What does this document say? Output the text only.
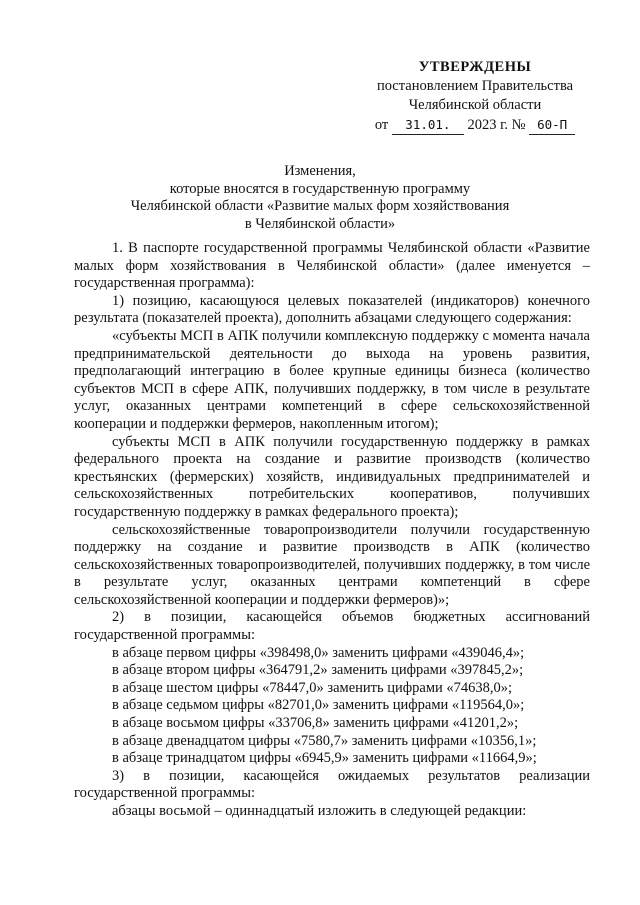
УТВЕРЖДЕНЫ
постановлением Правительства
Челябинской области
от 31.01. 2023 г. № 60-П
Изменения,
которые вносятся в государственную программу
Челябинской области «Развитие малых форм хозяйствования
в Челябинской области»

1. В паспорте государственной программы Челябинской области «Развитие малых форм хозяйствования в Челябинской области» (далее именуется – государственная программа):

1) позицию, касающуюся целевых показателей (индикаторов) конечного результата (показателей проекта), дополнить абзацами следующего содержания:

«субъекты МСП в АПК получили комплексную поддержку с момента начала предпринимательской деятельности до выхода на уровень развития, предполагающий интеграцию в более крупные единицы бизнеса (количество субъектов МСП в сфере АПК, получивших поддержку, в том числе в результате услуг, оказанных центрами компетенций в сфере сельскохозяйственной кооперации и поддержки фермеров, накопленным итогом);

субъекты МСП в АПК получили государственную поддержку в рамках федерального проекта на создание и развитие производств (количество крестьянских (фермерских) хозяйств, индивидуальных предпринимателей и сельскохозяйственных потребительских кооперативов, получивших государственную поддержку в рамках федерального проекта);

сельскохозяйственные товаропроизводители получили государственную поддержку на создание и развитие производств в АПК (количество сельскохозяйственных товаропроизводителей, получивших поддержку, в том числе в результате услуг, оказанных центрами компетенций в сфере сельскохозяйственной кооперации и поддержки фермеров)»;

2) в позиции, касающейся объемов бюджетных ассигнований государственной программы:

в абзаце первом цифры «398498,0» заменить цифрами «439046,4»;

в абзаце втором цифры «364791,2» заменить цифрами «397845,2»;

в абзаце шестом цифры «78447,0» заменить цифрами «74638,0»;

в абзаце седьмом цифры «82701,0» заменить цифрами «119564,0»;

в абзаце восьмом цифры «33706,8» заменить цифрами «41201,2»;

в абзаце двенадцатом цифры «7580,7» заменить цифрами «10356,1»;

в абзаце тринадцатом цифры «6945,9» заменить цифрами «11664,9»;

3) в позиции, касающейся ожидаемых результатов реализации государственной программы:

абзацы восьмой – одиннадцатый изложить в следующей редакции:
